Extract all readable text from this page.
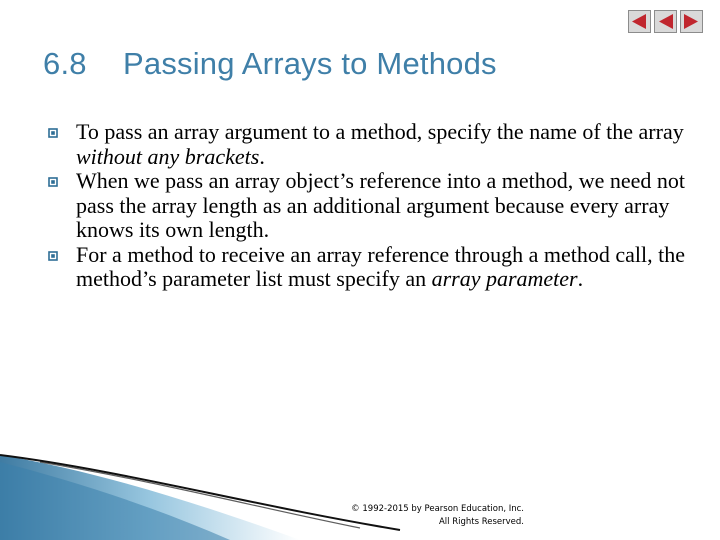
6.8 Passing Arrays to Methods
To pass an array argument to a method, specify the name of the array without any brackets.
When we pass an array object’s reference into a method, we need not pass the array length as an additional argument because every array knows its own length.
For a method to receive an array reference through a method call, the method’s parameter list must specify an array parameter.
© 1992-2015 by Pearson Education, Inc.
All Rights Reserved.
